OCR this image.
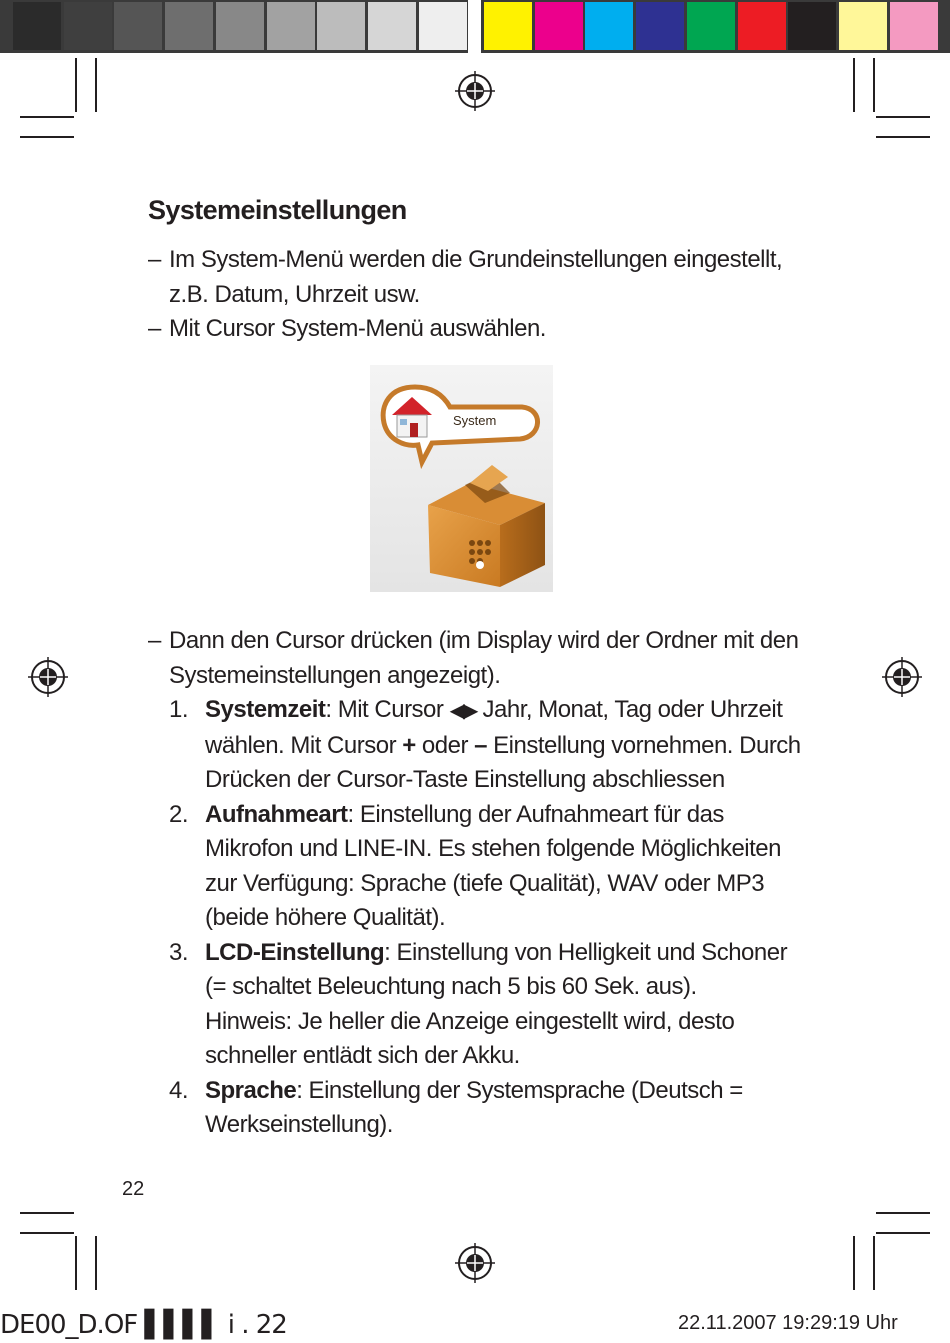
Systemeinstellungen
– Im System-Menü werden die Grundeinstellungen eingestellt, z.B. Datum, Uhrzeit usw.
– Mit Cursor System-Menü auswählen.
System
– Dann den Cursor drücken (im Display wird der Ordner mit den Systemeinstellungen angezeigt).
1. Systemzeit: Mit Cursor ◀▶ Jahr, Monat, Tag oder Uhrzeit wählen. Mit Cursor + oder – Einstellung vornehmen. Durch Drücken der Cursor-Taste Einstellung abschliessen
2. Aufnahmeart: Einstellung der Aufnahmeart für das Mikrofon und LINE-IN. Es stehen folgende Möglichkeiten zur Verfügung: Sprache (tiefe Qualität), WAV oder MP3 (beide höhere Qualität).
3. LCD-Einstellung: Einstellung von Helligkeit und Schoner (= schaltet Beleuchtung nach 5 bis 60 Sek. aus).
Hinweis: Je heller die Anzeige eingestellt wird, desto schneller entlädt sich der Akku.
4. Sprache: Einstellung der Systemsprache (Deutsch = Werkseinstellung).
22
DE00_D.OF ▌▌▌▌ i . 22	22.11.2007 19:29:19 Uhr
